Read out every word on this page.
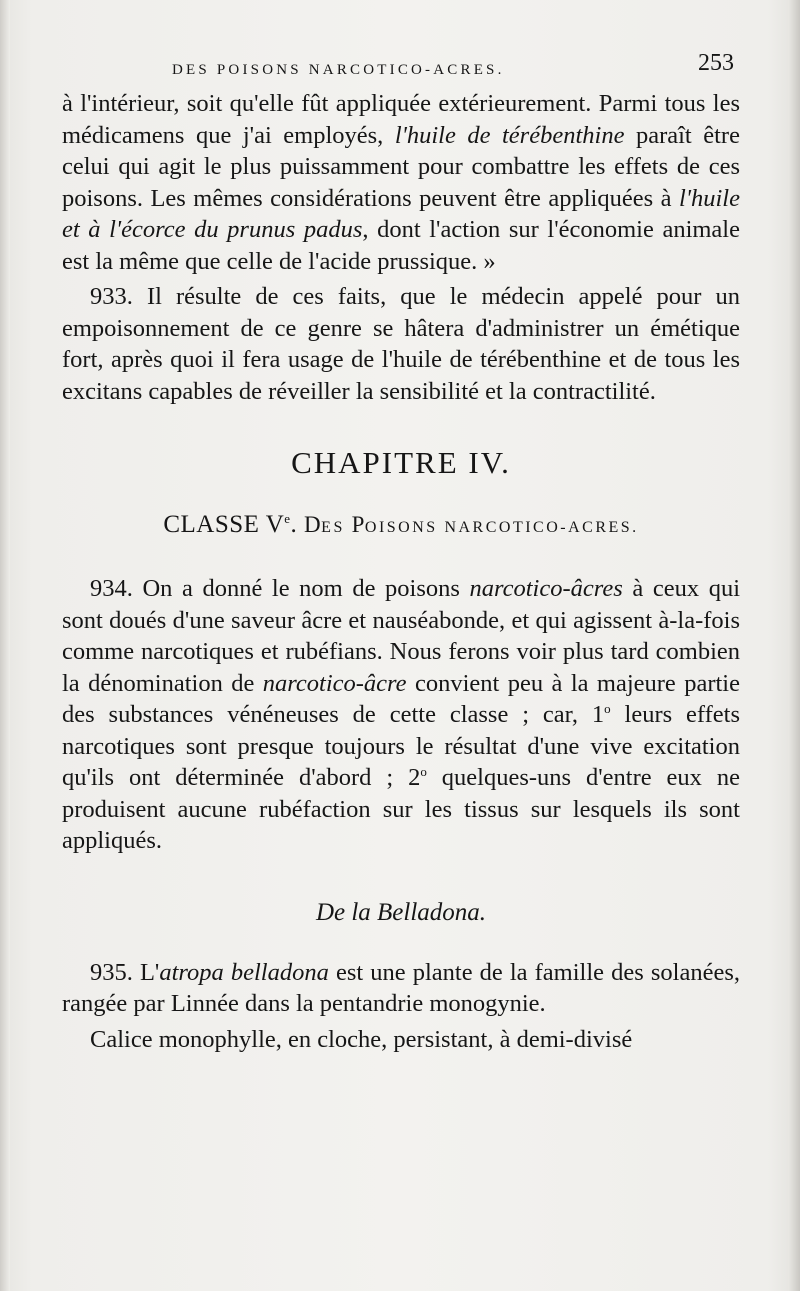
DES POISONS NARCOTICO-ACRES.	253

à l'intérieur, soit qu'elle fût appliquée extérieurement. Parmi tous les médicamens que j'ai employés, l'huile de térébenthine paraît être celui qui agit le plus puissamment pour combattre les effets de ces poisons. Les mêmes considérations peuvent être appliquées à l'huile et à l'écorce du prunus padus, dont l'action sur l'économie animale est la même que celle de l'acide prussique. »

933. Il résulte de ces faits, que le médecin appelé pour un empoisonnement de ce genre se hâtera d'administrer un émétique fort, après quoi il fera usage de l'huile de térébenthine et de tous les excitans capables de réveiller la sensibilité et la contractilité.

CHAPITRE IV.
CLASSE Ve. DES POISONS NARCOTICO-ACRES.

934. On a donné le nom de poisons narcotico-âcres à ceux qui sont doués d'une saveur âcre et nauséabonde, et qui agissent à-la-fois comme narcotiques et rubéfians. Nous ferons voir plus tard combien la dénomination de narcotico-âcre convient peu à la majeure partie des substances vénéneuses de cette classe ; car, 1$^o$ leurs effets narcotiques sont presque toujours le résultat d'une vive excitation qu'ils ont déterminée d'abord ; 2$^o$ quelques-uns d'entre eux ne produisent aucune rubéfaction sur les tissus sur lesquels ils sont appliqués.

De la Belladona.

935. L'atropa belladona est une plante de la famille des solanées, rangée par Linnée dans la pentandrie monogynie.

Calice monophylle, en cloche, persistant, à demi-divisé
